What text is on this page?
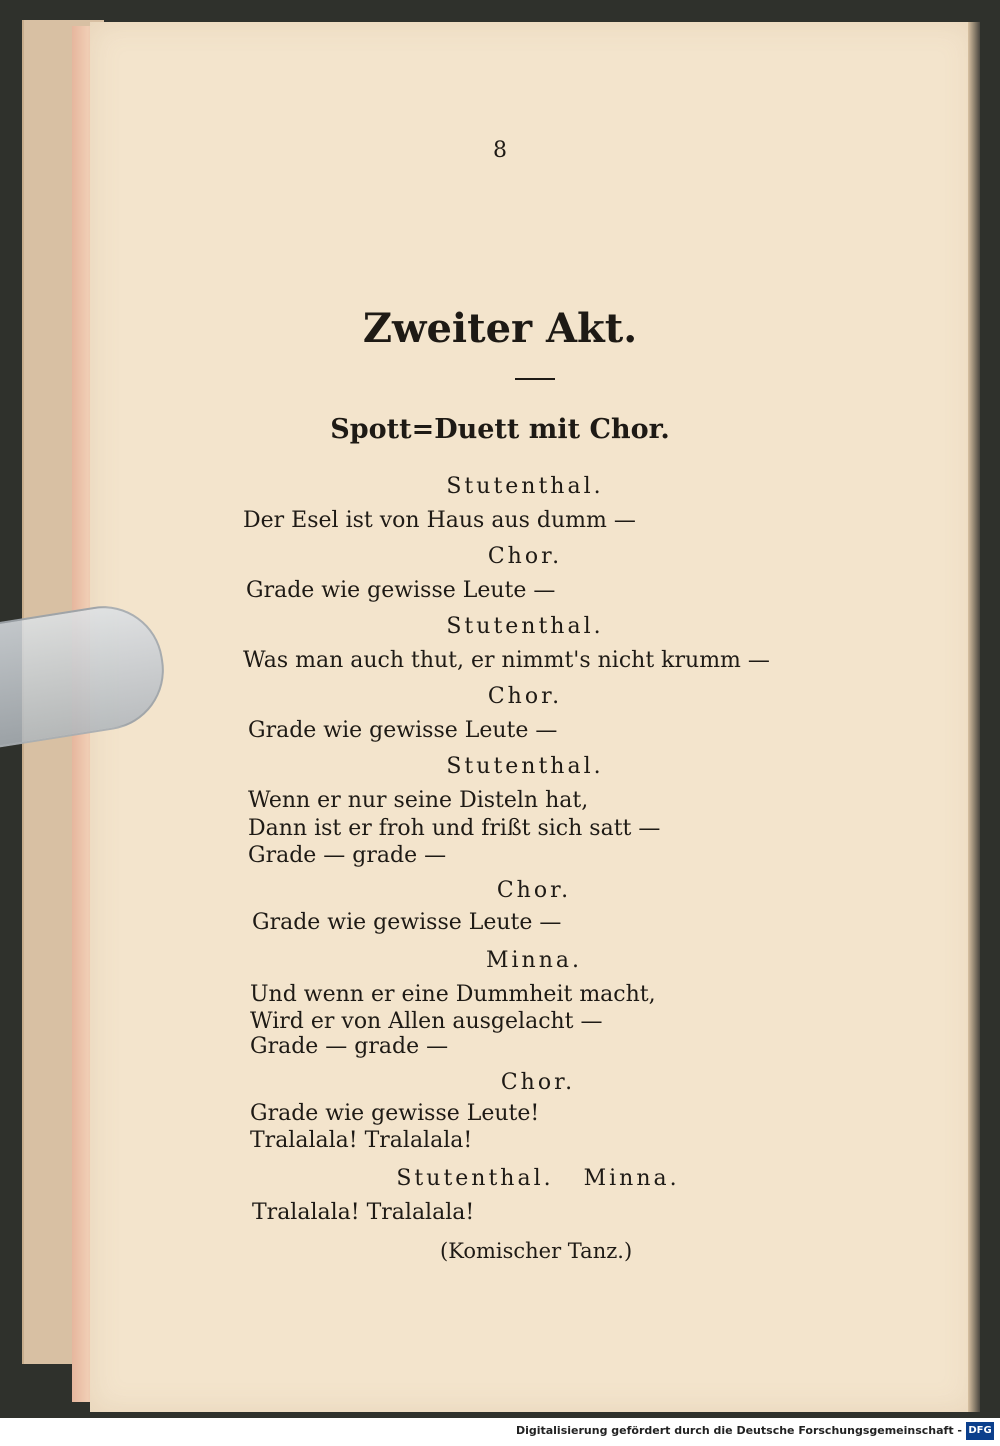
8
Zweiter Akt.
Spott=Duett mit Chor.
Stutenthal.
Der Esel ist von Haus aus dumm —
Chor.
Grade wie gewisse Leute —
Stutenthal.
Was man auch thut, er nimmt's nicht krumm —
Chor.
Grade wie gewisse Leute —
Stutenthal.
Wenn er nur seine Disteln hat,
Dann ist er froh und frißt sich satt —
Grade — grade —
Chor.
Grade wie gewisse Leute —
Minna.
Und wenn er eine Dummheit macht,
Wird er von Allen ausgelacht —
Grade — grade —
Chor.
Grade wie gewisse Leute!
Tralalala! Tralalala!
Stutenthal.   Minna.
Tralalala! Tralalala!
(Komischer Tanz.)
Digitalisierung gefördert durch die Deutsche Forschungsgemeinschaft - DFG
